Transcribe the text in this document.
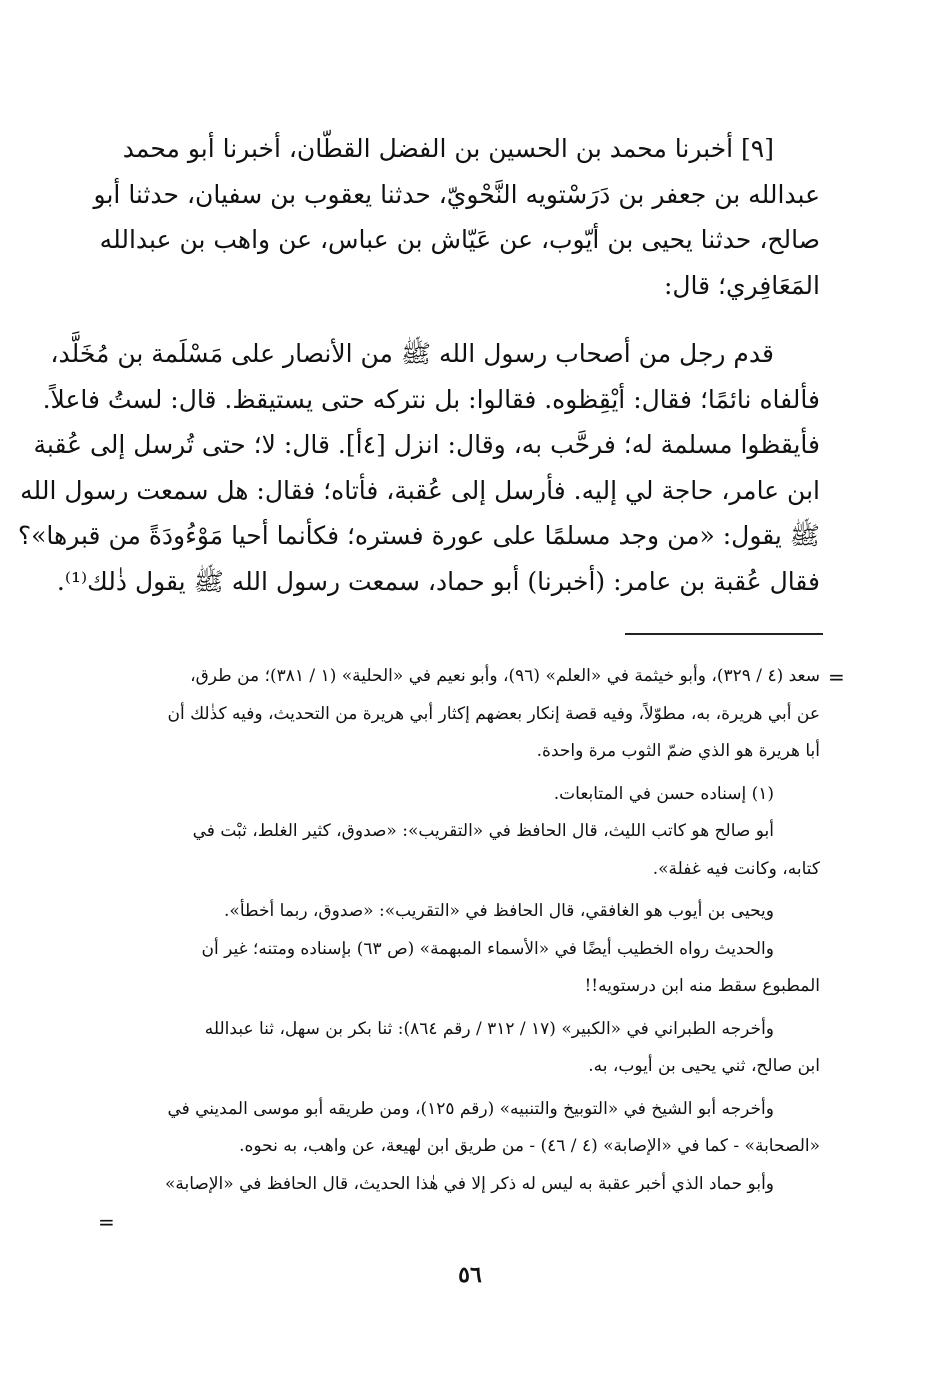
[٩] أخبرنا محمد بن الحسين بن الفضل القطّان، أخبرنا أبو محمد
عبدالله بن جعفر بن دَرَسْتويه النَّحْويّ، حدثنا يعقوب بن سفيان، حدثنا أبو
صالح، حدثنا يحيى بن أيّوب، عن عَيّاش بن عباس، عن واهب بن عبدالله
المَعَافِري؛ قال:
قدم رجل من أصحاب رسول الله ﷺ من الأنصار على مَسْلَمة بن مُخَلَّد،
فألفاه نائمًا؛ فقال: أيْقِظوه. فقالوا: بل نتركه حتى يستيقظ. قال: لستُ فاعلاً.
فأيقظوا مسلمة له؛ فرحَّب به، وقال: انزل [٤أ]. قال: لا؛ حتى تُرسل إلى عُقبة
ابن عامر، حاجة لي إليه. فأرسل إلى عُقبة، فأتاه؛ فقال: هل سمعت رسول الله
ﷺ يقول: «من وجد مسلمًا على عورة فستره؛ فكأنما أحيا مَوْءُودَةً من قبرها»؟
فقال عُقبة بن عامر: (أخبرنا) أبو حماد، سمعت رسول الله ﷺ يقول ذٰلك⁽¹⁾.
=
سعد (٤ / ٣٢٩)، وأبو خيثمة في «العلم» (٩٦)، وأبو نعيم في «الحلية» (١ / ٣٨١)؛ من طرق،
عن أبي هريرة، به، مطوّلاً، وفيه قصة إنكار بعضهم إكثار أبي هريرة من التحديث، وفيه كذٰلك أن
أبا هريرة هو الذي ضمّ الثوب مرة واحدة.
(١) إسناده حسن في المتابعات.
أبو صالح هو كاتب الليث، قال الحافظ في «التقريب»: «صدوق، كثير الغلط، ثبْت في
كتابه، وكانت فيه غفلة».
ويحيى بن أيوب هو الغافقي، قال الحافظ في «التقريب»: «صدوق، ربما أخطأ».
والحديث رواه الخطيب أيضًا في «الأسماء المبهمة» (ص ٦٣) بإسناده ومتنه؛ غير أن
المطبوع سقط منه ابن درستويه!!
وأخرجه الطبراني في «الكبير» (١٧ / ٣١٢ / رقم ٨٦٤): ثنا بكر بن سهل، ثنا عبدالله
ابن صالح، ثني يحيى بن أيوب، به.
وأخرجه أبو الشيخ في «التوبيخ والتنبيه» (رقم ١٢٥)، ومن طريقه أبو موسى المديني في
«الصحابة» - كما في «الإصابة» (٤ / ٤٦) - من طريق ابن لهيعة، عن واهب، به نحوه.
وأبو حماد الذي أخبر عقبة به ليس له ذكر إلا في هٰذا الحديث، قال الحافظ في «الإصابة»
=
٥٦
